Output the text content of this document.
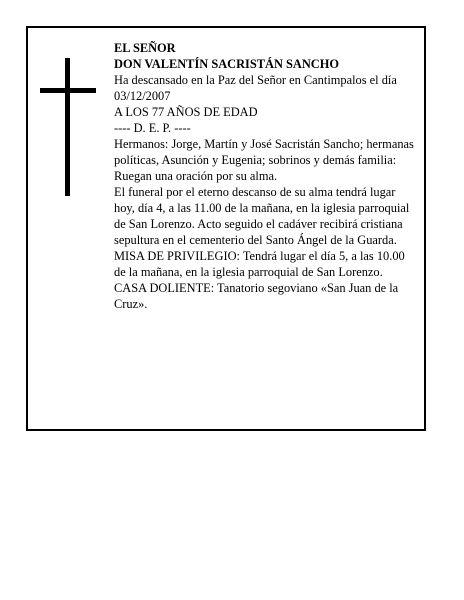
EL SEÑOR

DON VALENTÍN SACRISTÁN SANCHO

Ha descansado en la Paz del Señor en Cantimpalos el día 03/12/2007

A LOS 77 AÑOS DE EDAD

---- D. E. P. ----

Hermanos: Jorge, Martín y José Sacristán Sancho; hermanas políticas, Asunción y Eugenia; sobrinos y demás familia:

Ruegan una oración por su alma.

El funeral por el eterno descanso de su alma tendrá lugar hoy, día 4, a las 11.00 de la mañana, en la iglesia parroquial de San Lorenzo. Acto seguido el cadáver recibirá cristiana sepultura en el cementerio del Santo Ángel de la Guarda.

MISA DE PRIVILEGIO: Tendrá lugar el día 5, a las 10.00 de la mañana, en la iglesia parroquial de San Lorenzo.

CASA DOLIENTE: Tanatorio segoviano «San Juan de la Cruz».
